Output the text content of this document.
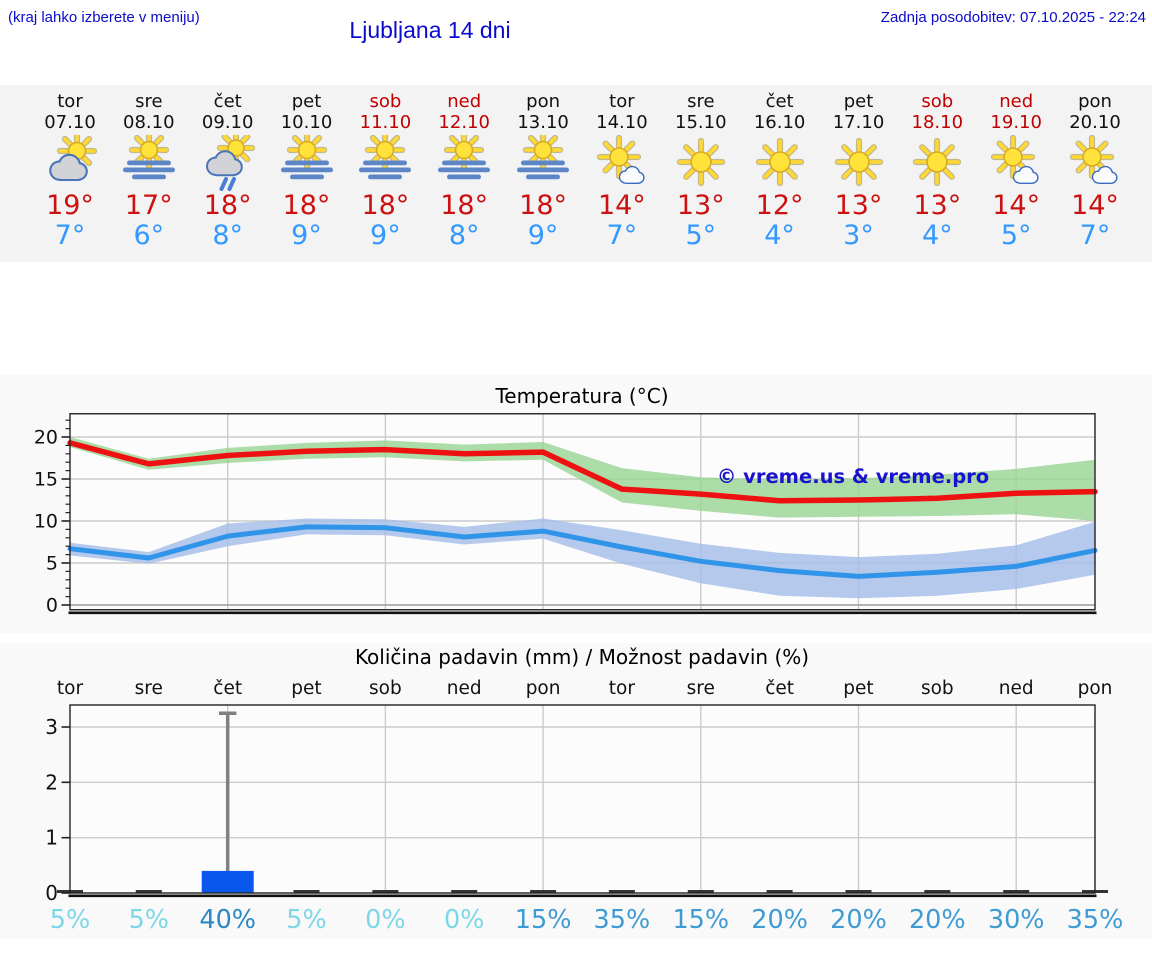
(kraj lahko izberete v meniju)	Ljubljana 14 dni	Zadnja posodobitev: 07.10.2025 - 22:24
tor
07.10
19°
7°
sre
08.10
17°
6°
čet
09.10
18°
8°
pet
10.10
18°
9°
sob
11.10
18°
9°
ned
12.10
18°
8°
pon
13.10
18°
9°
tor
14.10
14°
7°
sre
15.10
13°
5°
čet
16.10
12°
4°
pet
17.10
13°
3°
sob
18.10
13°
4°
ned
19.10
14°
5°
pon
20.10
14°
7°
Temperatura (°C)
0
5
10
15
20
© vreme.us & vreme.pro
Količina padavin (mm) / Možnost padavin (%)
tor	sre	čet	pet	sob ned pon	tor	sre	čet	pet	sob ned pon
0
1
2
3
5% 5% 40% 5% 0% 0% 15% 35% 15% 20% 20% 20% 30% 35%
